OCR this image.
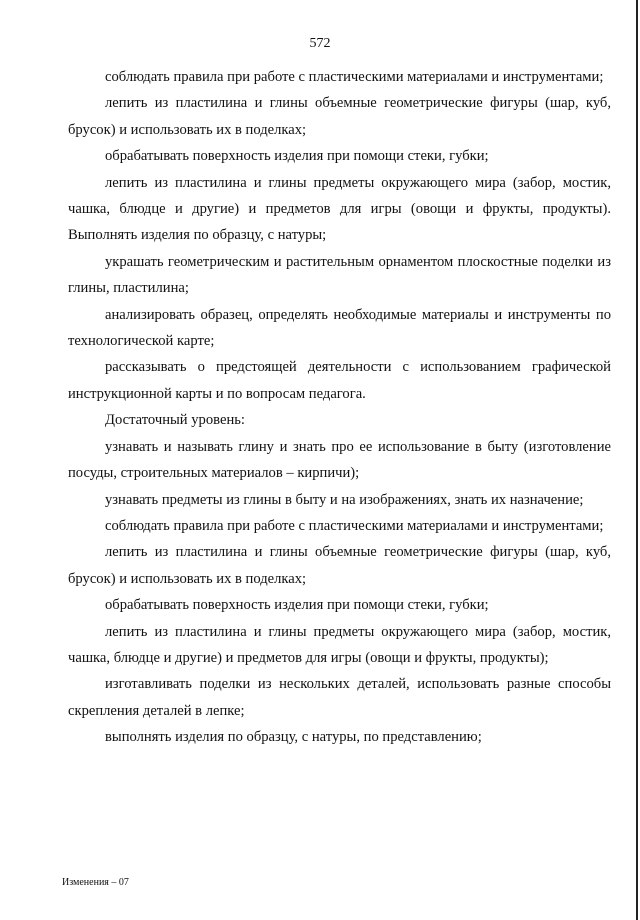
572

соблюдать правила при работе с пластическими материалами и инструментами;

лепить из пластилина и глины объемные геометрические фигуры (шар, куб, брусок) и использовать их в поделках;

обрабатывать поверхность изделия при помощи стеки, губки;

лепить из пластилина и глины предметы окружающего мира (забор, мостик, чашка, блюдце и другие) и предметов для игры (овощи и фрукты, продукты). Выполнять изделия по образцу, с натуры;

украшать геометрическим и растительным орнаментом плоскостные поделки из глины, пластилина;

анализировать образец, определять необходимые материалы и инструменты по технологической карте;

рассказывать о предстоящей деятельности с использованием графической инструкционной карты и по вопросам педагога.

Достаточный уровень:

узнавать и называть глину и знать про ее использование в быту (изготовление посуды, строительных материалов – кирпичи);

узнавать предметы из глины в быту и на изображениях, знать их назначение;

соблюдать правила при работе с пластическими материалами и инструментами;

лепить из пластилина и глины объемные геометрические фигуры (шар, куб, брусок) и использовать их в поделках;

обрабатывать поверхность изделия при помощи стеки, губки;

лепить из пластилина и глины предметы окружающего мира (забор, мостик, чашка, блюдце и другие) и предметов для игры (овощи и фрукты, продукты);

изготавливать поделки из нескольких деталей, использовать разные способы скрепления деталей в лепке;

выполнять изделия по образцу, с натуры, по представлению;

Изменения – 07
